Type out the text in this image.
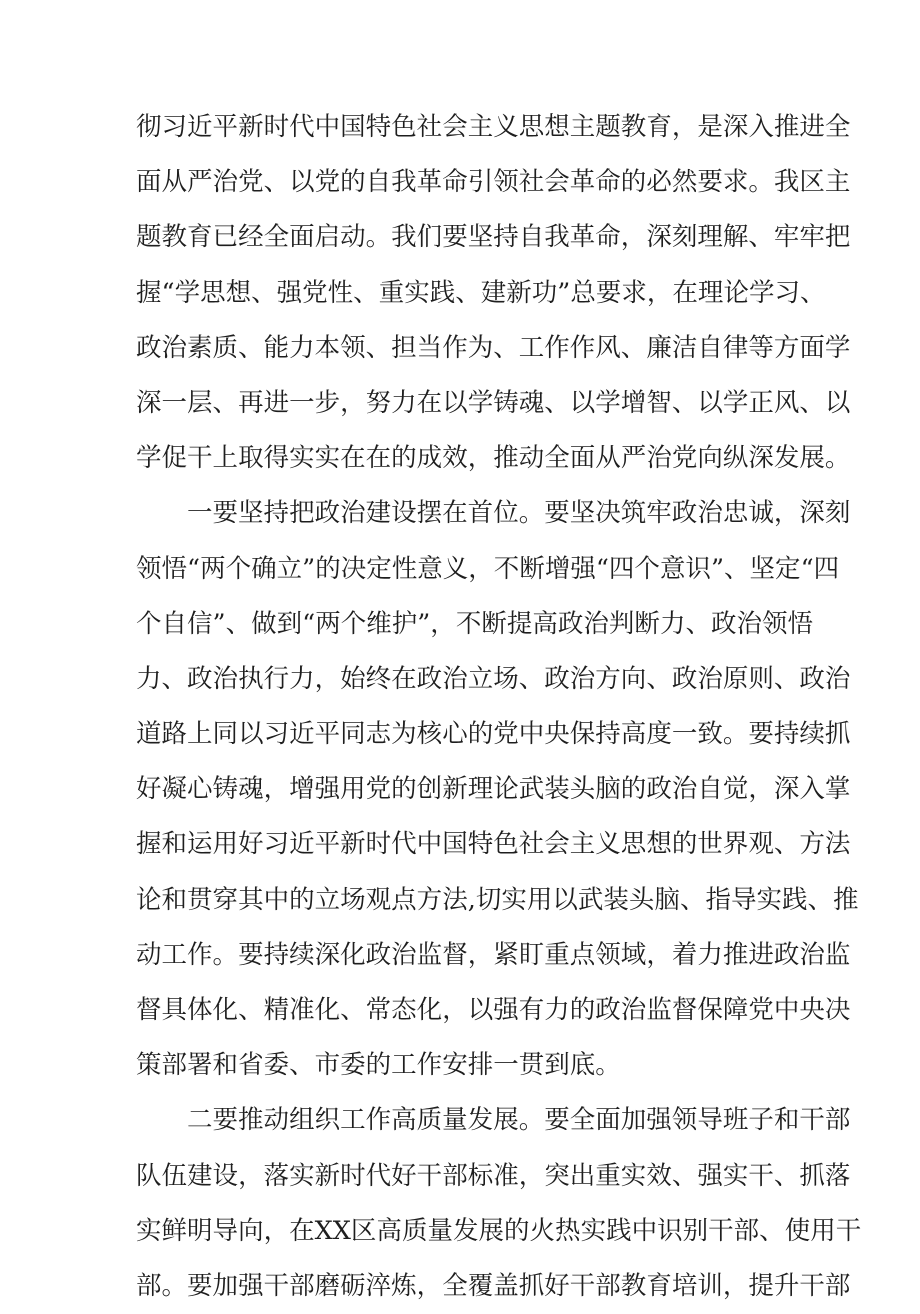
彻 习 近 平 新 时 代 中 国 特 色 社 会 主 义 思 想 主 题 教 育 ， 是 深 入 推 进 全
面 从 严 治 党 、 以 党 的 自 我 革 命 引 领 社 会 革 命 的 必 然 要 求 。 我 区 主
题 教 育 已 经 全 面 启 动 。 我 们 要 坚 持 自 我 革 命 ， 深 刻 理 解 、 牢 牢 把
握 “ 学 思 想 、 强 党 性 、 重 实 践 、 建 新 功 ” 总 要 求 ， 在 理 论 学 习 、
政 治 素 质 、 能 力 本 领 、 担 当 作 为 、 工 作 作 风 、 廉 洁 自 律 等 方 面 学
深 一 层 、 再 进 一 步 ， 努 力 在 以 学 铸 魂 、 以 学 增 智 、 以 学 正 风 、 以
学 促 干 上 取 得 实 实 在 在 的 成 效 ， 推 动 全 面 从 严 治 党 向 纵 深 发 展 。
一 要 坚 持 把 政 治 建 设 摆 在 首 位 。 要 坚 决 筑 牢 政 治 忠 诚 ， 深 刻
领 悟 “ 两 个 确 立 ” 的 决 定 性 意 义 ， 不 断 增 强 “ 四 个 意 识 ” 、 坚 定 “ 四
个 自 信 ” 、 做 到 “ 两 个 维 护 ” ， 不 断 提 高 政 治 判 断 力 、 政 治 领 悟
力 、 政 治 执 行 力 ， 始 终 在 政 治 立 场 、 政 治 方 向 、 政 治 原 则 、 政 治
道 路 上 同 以 习 近 平 同 志 为 核 心 的 党 中 央 保 持 高 度 一 致 。 要 持 续 抓
好 凝 心 铸 魂 ， 增 强 用 党 的 创 新 理 论 武 装 头 脑 的 政 治 自 觉 ， 深 入 掌
握 和 运 用 好 习 近 平 新 时 代 中 国 特 色 社 会 主 义 思 想 的 世 界 观 、 方 法
论 和 贯 穿 其 中 的 立 场 观 点 方 法 , 切 实 用 以 武 装 头 脑 、 指 导 实 践 、 推
动 工 作 。 要 持 续 深 化 政 治 监 督 ， 紧 盯 重 点 领 域 ， 着 力 推 进 政 治 监
督 具 体 化 、 精 准 化 、 常 态 化 ， 以 强 有 力 的 政 治 监 督 保 障 党 中 央 决
策 部 署 和 省 委 、 市 委 的 工 作 安 排 一 贯 到 底 。
二 要 推 动 组 织 工 作 高 质 量 发 展 。 要 全 面 加 强 领 导 班 子 和 干 部
队 伍 建 设 ， 落 实 新 时 代 好 干 部 标 准 ， 突 出 重 实 效 、 强 实 干 、 抓 落
实 鲜 明 导 向 ， 在 X X 区 高 质 量 发 展 的 火 热 实 践 中 识 别 干 部 、 使 用 干
部 。 要 加 强 干 部 磨 砺 淬 炼 ， 全 覆 盖 抓 好 干 部 教 育 培 训 ， 提 升 干 部
